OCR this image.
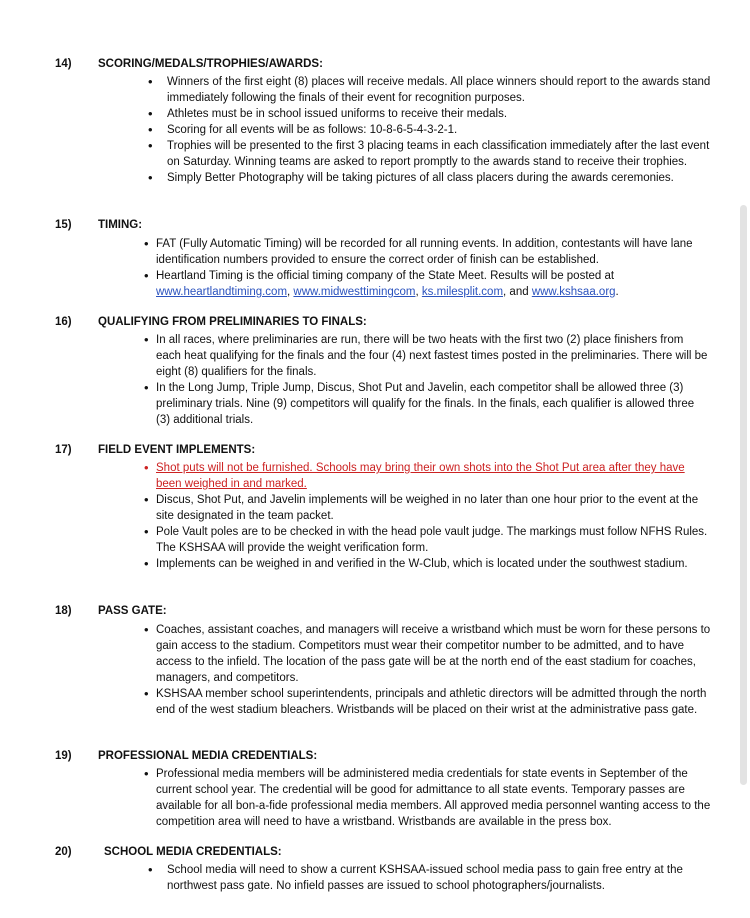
14) SCORING/MEDALS/TROPHIES/AWARDS:
• Winners of the first eight (8) places will receive medals. All place winners should report to the awards stand immediately following the finals of their event for recognition purposes.
• Athletes must be in school issued uniforms to receive their medals.
• Scoring for all events will be as follows: 10-8-6-5-4-3-2-1.
• Trophies will be presented to the first 3 placing teams in each classification immediately after the last event on Saturday. Winning teams are asked to report promptly to the awards stand to receive their trophies.
• Simply Better Photography will be taking pictures of all class placers during the awards ceremonies.
15) TIMING:
• FAT (Fully Automatic Timing) will be recorded for all running events. In addition, contestants will have lane identification numbers provided to ensure the correct order of finish can be established.
• Heartland Timing is the official timing company of the State Meet. Results will be posted at
www.heartlandtiming.com, www.midwesttimingcom, ks.milesplit.com, and www.kshsaa.org.
16) QUALIFYING FROM PRELIMINARIES TO FINALS:
• In all races, where preliminaries are run, there will be two heats with the first two (2) place finishers from each heat qualifying for the finals and the four (4) next fastest times posted in the preliminaries. There will be eight (8) qualifiers for the finals.
• In the Long Jump, Triple Jump, Discus, Shot Put and Javelin, each competitor shall be allowed three (3) preliminary trials. Nine (9) competitors will qualify for the finals. In the finals, each qualifier is allowed three (3) additional trials.
17) FIELD EVENT IMPLEMENTS:
• Shot puts will not be furnished. Schools may bring their own shots into the Shot Put area after they have been weighed in and marked.
• Discus, Shot Put, and Javelin implements will be weighed in no later than one hour prior to the event at the site designated in the team packet.
• Pole Vault poles are to be checked in with the head pole vault judge. The markings must follow NFHS Rules. The KSHSAA will provide the weight verification form.
• Implements can be weighed in and verified in the W-Club, which is located under the southwest stadium.
18) PASS GATE:
• Coaches, assistant coaches, and managers will receive a wristband which must be worn for these persons to gain access to the stadium. Competitors must wear their competitor number to be admitted, and to have access to the infield. The location of the pass gate will be at the north end of the east stadium for coaches, managers, and competitors.
• KSHSAA member school superintendents, principals and athletic directors will be admitted through the north end of the west stadium bleachers. Wristbands will be placed on their wrist at the administrative pass gate.
19) PROFESSIONAL MEDIA CREDENTIALS:
• Professional media members will be administered media credentials for state events in September of the current school year. The credential will be good for admittance to all state events. Temporary passes are available for all bon-a-fide professional media members. All approved media personnel wanting access to the competition area will need to have a wristband. Wristbands are available in the press box.
20)	SCHOOL MEDIA CREDENTIALS:
• School media will need to show a current KSHSAA-issued school media pass to gain free entry at the northwest pass gate. No infield passes are issued to school photographers/journalists.
